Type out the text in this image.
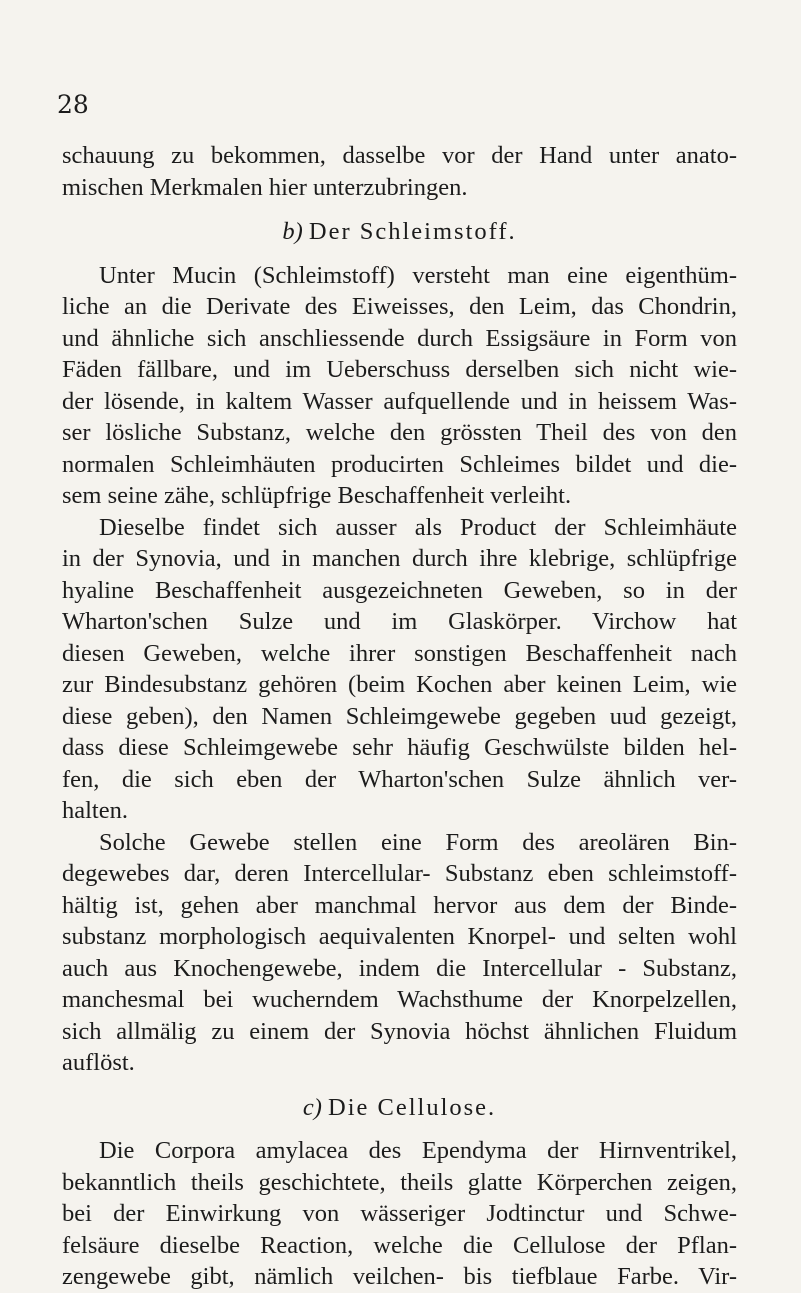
28

schauung zu bekommen, dasselbe vor der Hand unter anato-

mischen Merkmalen hier unterzubringen.

b) Der Schleimstoff.

Unter Mucin (Schleimstoff) versteht man eine eigenthüm-

liche an die Derivate des Eiweisses, den Leim, das Chondrin,

und ähnliche sich anschliessende durch Essigsäure in Form von

Fäden fällbare, und im Ueberschuss derselben sich nicht wie-

der lösende, in kaltem Wasser aufquellende und in heissem Was-

ser lösliche Substanz, welche den grössten Theil des von den

normalen Schleimhäuten producirten Schleimes bildet und die-

sem seine zähe, schlüpfrige Beschaffenheit verleiht.

Dieselbe findet sich ausser als Product der Schleimhäute

in der Synovia, und in manchen durch ihre klebrige, schlüpfrige

hyaline Beschaffenheit ausgezeichneten Geweben, so in der

Wharton'schen Sulze und im Glaskörper. Virchow hat

diesen Geweben, welche ihrer sonstigen Beschaffenheit nach

zur Bindesubstanz gehören (beim Kochen aber keinen Leim, wie

diese geben), den Namen Schleimgewebe gegeben uud gezeigt,

dass diese Schleimgewebe sehr häufig Geschwülste bilden hel-

fen, die sich eben der Wharton'schen Sulze ähnlich ver-

halten.

Solche Gewebe stellen eine Form des areolären Bin-

degewebes dar, deren Intercellular- Substanz eben schleimstoff-

hältig ist, gehen aber manchmal hervor aus dem der Binde-

substanz morphologisch aequivalenten Knorpel- und selten wohl

auch aus Knochengewebe, indem die Intercellular - Substanz,

manchesmal bei wucherndem Wachsthume der Knorpelzellen,

sich allmälig zu einem der Synovia höchst ähnlichen Fluidum

auflöst.

c) Die Cellulose.

Die Corpora amylacea des Ependyma der Hirnventrikel,

bekanntlich theils geschichtete, theils glatte Körperchen zeigen,

bei der Einwirkung von wässeriger Jodtinctur und Schwe-

felsäure dieselbe Reaction, welche die Cellulose der Pflan-

zengewebe gibt, nämlich veilchen- bis tiefblaue Farbe. Vir-
